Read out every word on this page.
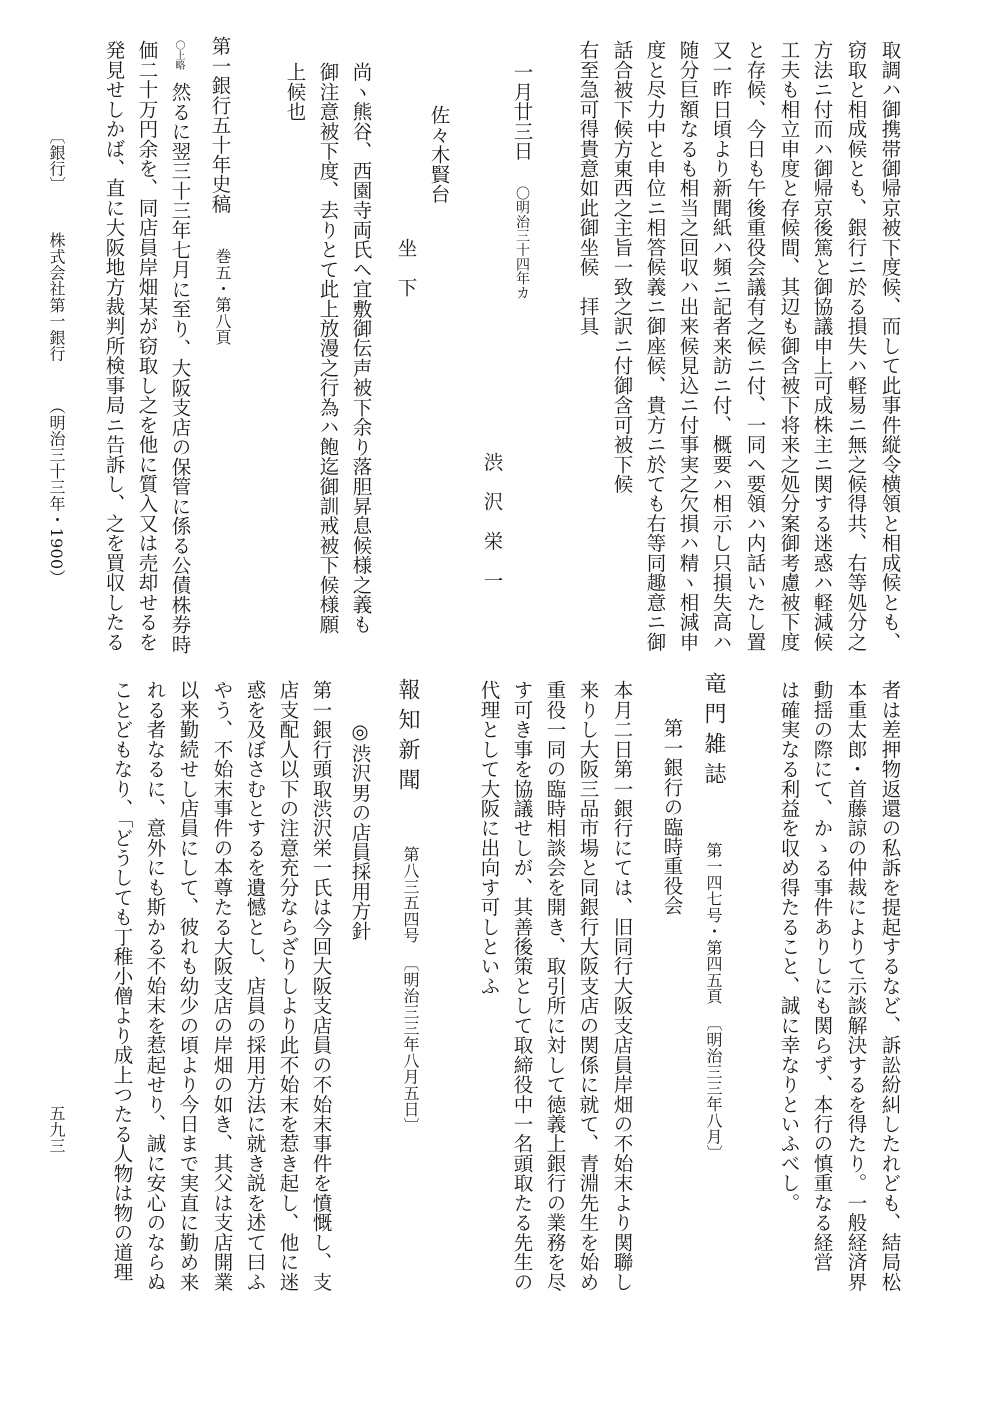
取調ハ御携帯御帰京被下度候、而して此事件縦令横領と相成候とも、
窃取と相成候とも、銀行ニ於る損失ハ軽易ニ無之候得共、右等処分之
方法ニ付而ハ御帰京後篤と御協議申上可成株主ニ関する迷惑ハ軽減候
工夫も相立申度と存候間、其辺も御含被下将来之処分案御考慮被下度
と存候、今日も午後重役会議有之候ニ付、一同ヘ要領ハ内話いたし置
又一昨日頃より新聞紙ハ頻ニ記者来訪ニ付、概要ハ相示し只損失高ハ
随分巨額なるも相当之回収ハ出来候見込ニ付事実之欠損ハ精ヽ相減申
度と尽力中と申位ニ相答候義ニ御座候、貴方ニ於ても右等同趣意ニ御
話合被下候方東西之主旨一致之訳ニ付御含可被下候
右至急可得貴意如此御坐候　拝具
一月廿三日
〇明治三十四年カ
渋　沢　栄　一
佐々木賢台
坐　下
尚ヽ熊谷、西園寺両氏ヘ宜敷御伝声被下余り落胆昇息候様之義も
御注意被下度、去りとて此上放漫之行為ハ飽迄御訓戒被下候様願
上候也
第一銀行五十年史稿
巻五・第八頁
〇上略
然るに翌三十三年七月に至り、大阪支店の保管に係る公債株券時
価二十万円余を、同店員岸畑某が窃取し之を他に質入又は売却せるを
発見せしかば、直に大阪地方裁判所検事局ニ告訴し、之を買収したる
〔銀行〕
株式会社第一銀行
（明治三十三年・1900）
者は差押物返還の私訴を提起するなど、訴訟紛糾したれども、結局松
本重太郎・首藤諒の仲裁によりて示談解決するを得たり。一般経済界
動揺の際にて、かゝる事件ありしにも関らず、本行の慎重なる経営
は確実なる利益を収め得たること、誠に幸なりといふべし。
竜門雑誌
第一四七号・第四五頁
〔明治三三年八月〕
第一銀行の臨時重役会
本月二日第一銀行にては、旧同行大阪支店員岸畑の不始末より関聯し
来りし大阪三品市場と同銀行大阪支店の関係に就て、青淵先生を始め
重役一同の臨時相談会を開き、取引所に対して徳義上銀行の業務を尽
す可き事を協議せしが、其善後策として取締役中一名頭取たる先生の
代理として大阪に出向す可しといふ
報知新聞
第八三五四号
〔明治三三年八月五日〕
◎渋沢男の店員採用方針
第一銀行頭取渋沢栄一氏は今回大阪支店員の不始末事件を憤慨し、支
店支配人以下の注意充分ならざりしより此不始末を惹き起し、他に迷
惑を及ぼさむとするを遺憾とし、店員の採用方法に就き説を述て曰ふ
やう、不始末事件の本尊たる大阪支店の岸畑の如き、其父は支店開業
以来勤続せし店員にして、彼れも幼少の頃より今日まで実直に勤め来
れる者なるに、意外にも斯かる不始末を惹起せり、誠に安心のならぬ
ことどもなり、「どうしても丁稚小僧より成上つたる人物は物の道理
五九三
